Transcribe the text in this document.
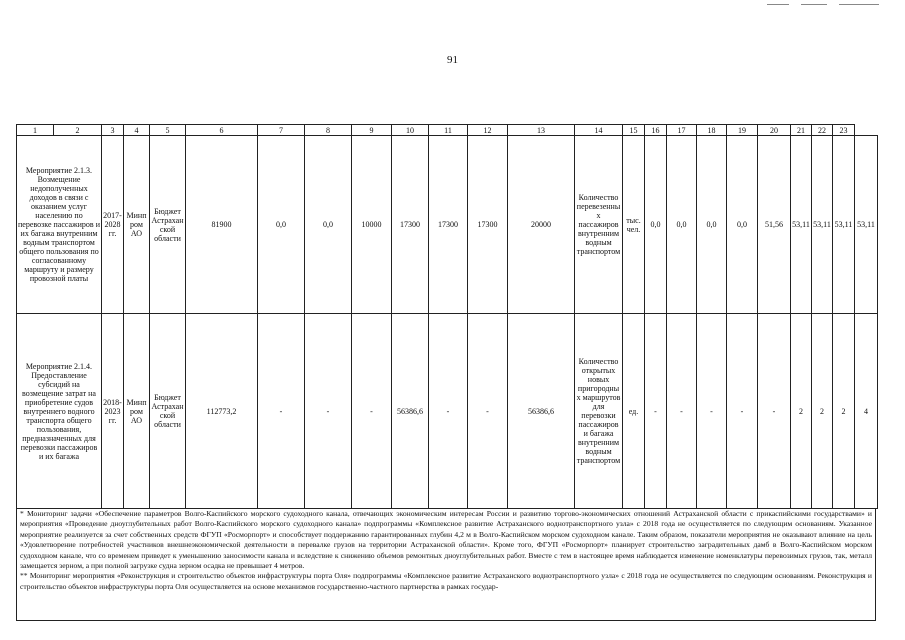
91
1	2	3	4	5	6	7	8	9	10	11	12	13	14	15	16	17	18	19	20	21	22	23	
Мероприятие 2.1.3. Возмещение недополученных доходов в связи с оказанием услуг населению по перевозке пассажиров и их багажа внутренним водным транспортом общего пользования по согласованному маршруту и размеру провозной платы		2017-2028 гг.	Минпром АО	Бюджет Астраханской области	81900	0,0	0,0	10000	17300	17300	17300	20000	Количество перевезенных пассажиров внутренним водным транспортом	тыс. чел.	0,0	0,0	0,0	0,0	51,56	53,11	53,11	53,11	53,11
Мероприятие 2.1.4. Предоставление субсидий на возмещение затрат на приобретение судов внутреннего водного транспорта общего пользования, предназначенных для перевозки пассажиров и их багажа		2018-2023 гг.	Минпром АО	Бюджет Астраханской области	112773,2	-	-	-	56386,6	-	-	56386,6	Количество открытых новых пригородных маршрутов для перевозки пассажиров и багажа внутренним водным транспортом	ед.	-	-	-	-	-	2	2	2	4

* Мониторинг задачи «Обеспечение параметров Волго-Каспийского морского судоходного канала, отвечающих экономическим интересам России и развитию торгово-экономических отношений Астраханской области с прикаспийскими государствами» и мероприятия «Проведение дноуглубительных работ Волго-Каспийского морского судоходного канала» подпрограммы «Комплексное развитие Астраханского воднотранспортного узла» с 2018 года не осуществляется по следующим основаниям. Указанное мероприятие реализуется за счет собственных средств ФГУП «Росморпорт» и способствует поддержанию гарантированных глубин 4,2 м в Волго-Каспийском морском судоходном канале. Таким образом, показатели мероприятия не оказывают влияние на цель «Удовлетворение потребностей участников внешнеэкономической деятельности в перевалке грузов на территории Астраханской области». Кроме того, ФГУП «Росморпорт» планирует строительство заградительных дамб в Волго-Каспийском морском судоходном канале, что со временем приведет к уменьшению заносимости канала и вследствие к снижению объемов ремонтных дноуглубительных работ. Вместе с тем в настоящее время наблюдается изменение номенклатуры перевозимых грузов, так, металл замещается зерном, а при полной загрузке судна зерном осадка не превышает 4 метров.

** Мониторинг мероприятия «Реконструкция и строительство объектов инфраструктуры порта Оля» подпрограммы «Комплексное развитие Астраханского воднотранспортного узла» с 2018 года не осуществляется по следующим основаниям. Реконструкция и строительство объектов инфраструктуры порта Оля осуществляется на основе механизмов государственно-частного партнерства в рамках государ-
